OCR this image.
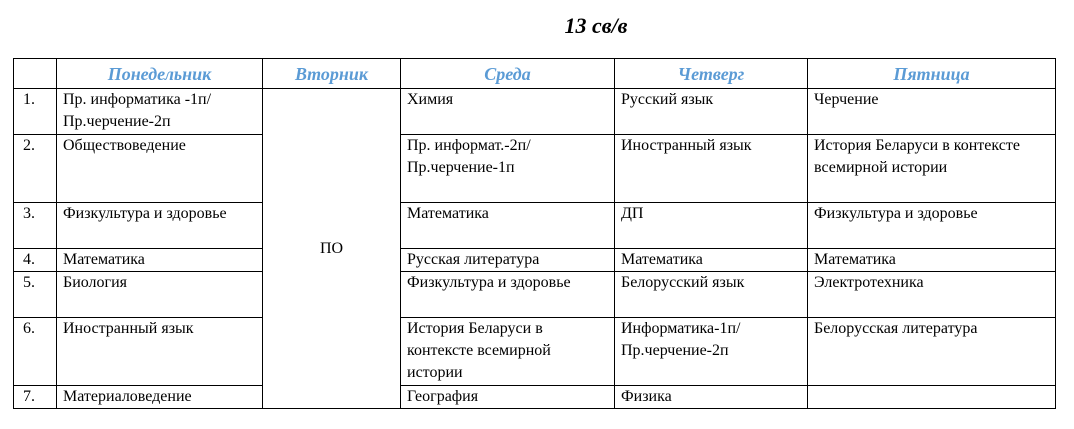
13 св/в
	Понедельник	Вторник	Среда	Четверг	Пятница
1.	Пр. информатика -1п/ Пр.черчение-2п	ПО	Химия	Русский язык	Черчение
2.	Обществоведение		Пр. информат.-2п/ Пр.черчение-1п	Иностранный язык	История Беларуси в контексте всемирной истории
3.	Физкультура и здоровье		Математика	ДП	Физкультура и здоровье
4.	Математика		Русская литература	Математика	Математика
5.	Биология		Физкультура и здоровье	Белорусский язык	Электротехника
6.	Иностранный язык		История Беларуси в контексте всемирной истории	Информатика-1п/ Пр.черчение-2п	Белорусская литература
7.	Материаловедение		География	Физика	
